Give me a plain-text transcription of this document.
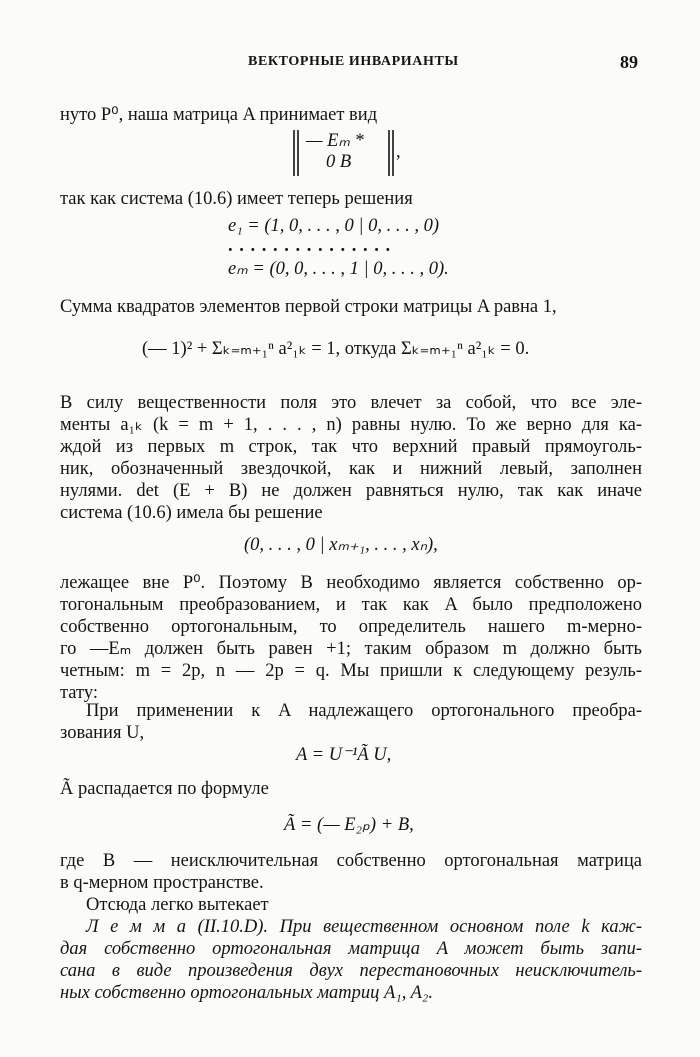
ВЕКТОРНЫЕ ИНВАРИАНТЫ	89

нуто P⁰, наша матрица A принимает вид

— Eₘ *
0 B ,

так как система (10.6) имеет теперь решения

e₁ = (1, 0, . . . , 0 | 0, . . . , 0)
. . . . . . . . . . . . . . .
eₘ = (0, 0, . . . , 1 | 0, . . . , 0).

Сумма квадратов элементов первой строки матрицы A равна 1,

(— 1)² + Σₖ₌ₘ₊₁ⁿ a²₁ₖ = 1, откуда Σₖ₌ₘ₊₁ⁿ a²₁ₖ = 0.

В силу вещественности поля это влечет за собой, что все эле-

менты a₁ₖ (k = m + 1, . . . , n) равны нулю. То же верно для ка-

ждой из первых m строк, так что верхний правый прямоуголь-

ник, обозначенный звездочкой, как и нижний левый, заполнен

нулями. det (E + B) не должен равняться нулю, так как иначе

система (10.6) имела бы решение

(0, . . . , 0 | xₘ₊₁, . . . , xₙ),

лежащее вне P⁰. Поэтому B необходимо является собственно ор-

тогональным преобразованием, и так как A было предположено

собственно ортогональным, то определитель нашего m-мерно-

го —Eₘ должен быть равен +1; таким образом m должно быть

четным: m = 2p, n — 2p = q. Мы пришли к следующему резуль-

тату:

При применении к A надлежащего ортогонального преобра-

зования U,

A = U⁻¹Ã U,

Ã распадается по формуле

Ã = (— E₂ₚ) + B,

где B — неисключительная собственно ортогональная матрица

в q-мерном пространстве.

Отсюда легко вытекает

Л е м м а (II.10.D). При вещественном основном поле k каж-

дая собственно ортогональная матрица A может быть запи-

сана в виде произведения двух перестановочных неисключитель-

ных собственно ортогональных матриц A₁, A₂.
